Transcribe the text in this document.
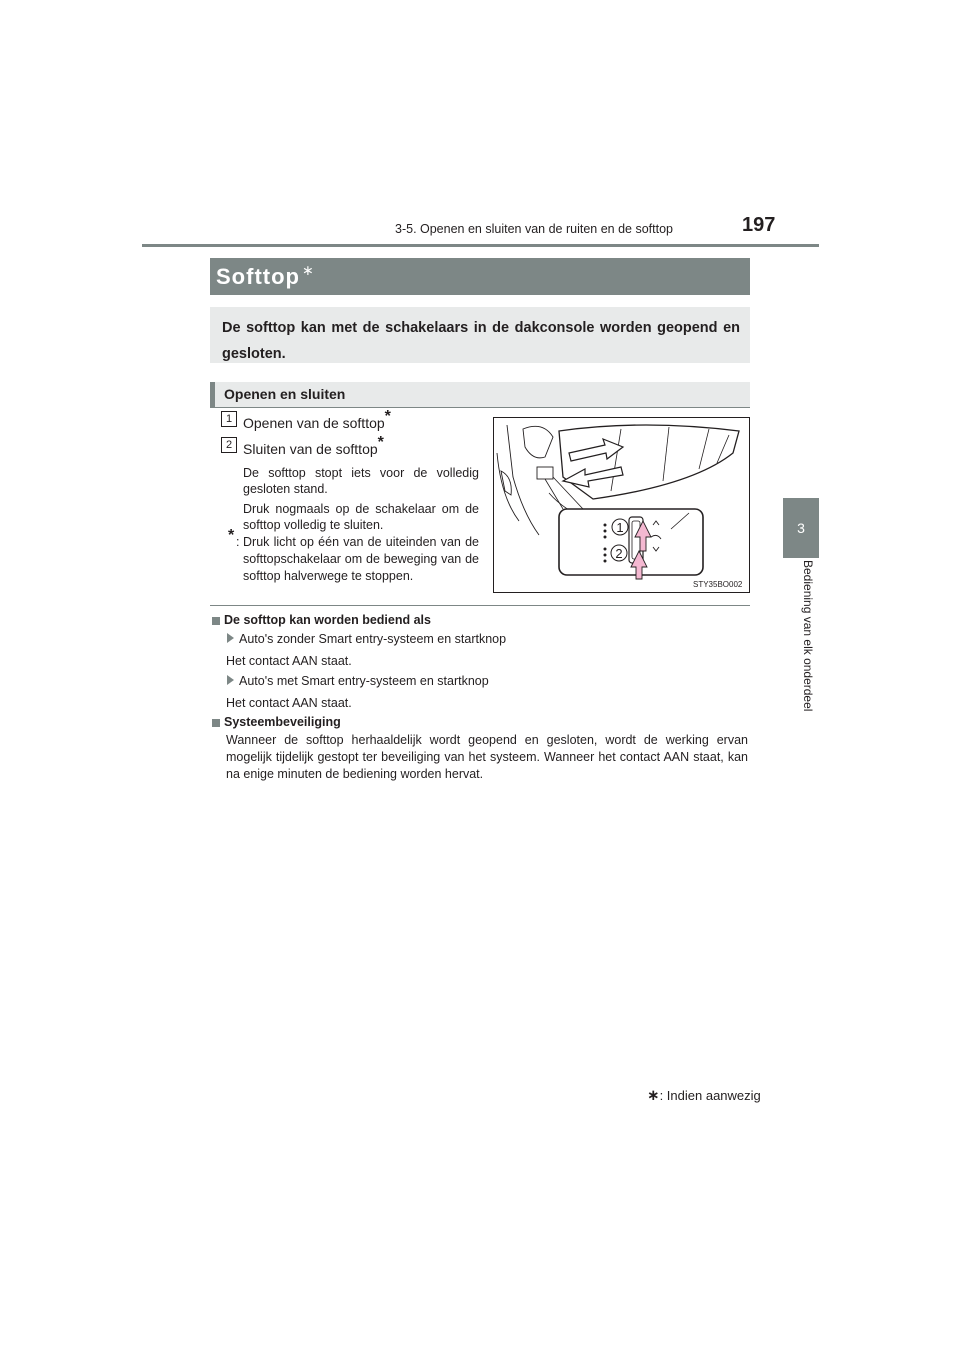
3-5. Openen en sluiten van de ruiten en de softtop	197
3
Bediening van elk onderdeel
Softtop ∗
De softtop kan met de schakelaars in de dakconsole worden geopend en gesloten.
Openen en sluiten
1 Openen van de softtop*
2 Sluiten van de softtop*
De softtop stopt iets voor de volledig gesloten stand.
Druk nogmaals op de schakelaar om de softtop volledig te sluiten.
* : Druk licht op één van de uiteinden van de softtopschakelaar om de beweging van de softtop halverwege te stoppen.
1
2
STY35BO002
De softtop kan worden bediend als
Auto's zonder Smart entry-systeem en startknop
Het contact AAN staat.
Auto's met Smart entry-systeem en startknop
Het contact AAN staat.
Systeembeveiliging
Wanneer de softtop herhaaldelijk wordt geopend en gesloten, wordt de werking ervan mogelijk tijdelijk gestopt ter beveiliging van het systeem. Wanneer het contact AAN staat, kan na enige minuten de bediening worden hervat.
∗: Indien aanwezig
